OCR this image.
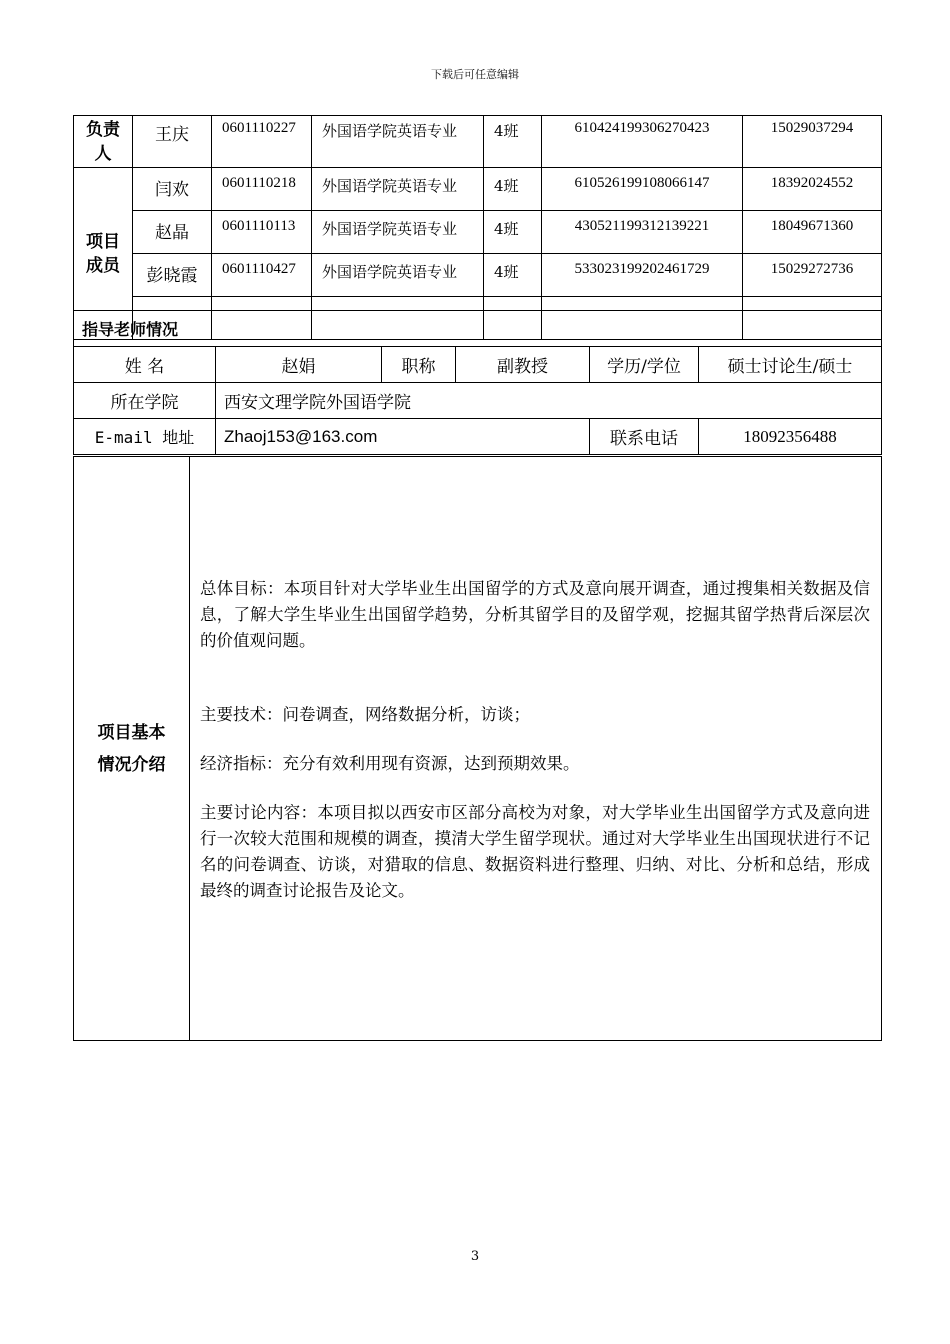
下载后可任意编辑
负责人	王庆	0601110227	外国语学院英语专业	4班	610424199306270423	15029037294
项目成员	闫欢	0601110218	外国语学院英语专业	4班	610526199108066147	18392024552
	赵晶	0601110113	外国语学院英语专业	4班	430521199312139221	18049671360
	彭晓霞	0601110427	外国语学院英语专业	4班	533023199202461729	15029272736

指导老师情况					
姓 名	赵娟	职称	副教授	学历/学位	硕士讨论生/硕士
所在学院	西安文理学院外国语学院				
E-mail 地址	Zhaoj153@163.com			联系电话	18092356488
项目基本情况介绍	
总体目标：本项目针对大学毕业生出国留学的方式及意向展开调查，通过搜集相关数据及信息，了解大学生毕业生出国留学趋势，分析其留学目的及留学观，挖掘其留学热背后深层次的价值观问题。
主要技术：问卷调查，网络数据分析，访谈；
经济指标：充分有效利用现有资源，达到预期效果。
主要讨论内容：本项目拟以西安市区部分高校为对象，对大学毕业生出国留学方式及意向进行一次较大范围和规模的调查，摸清大学生留学现状。通过对大学毕业生出国现状进行不记名的问卷调查、访谈，对猎取的信息、数据资料进行整理、归纳、对比、分析和总结，形成最终的调查讨论报告及论文。
3
